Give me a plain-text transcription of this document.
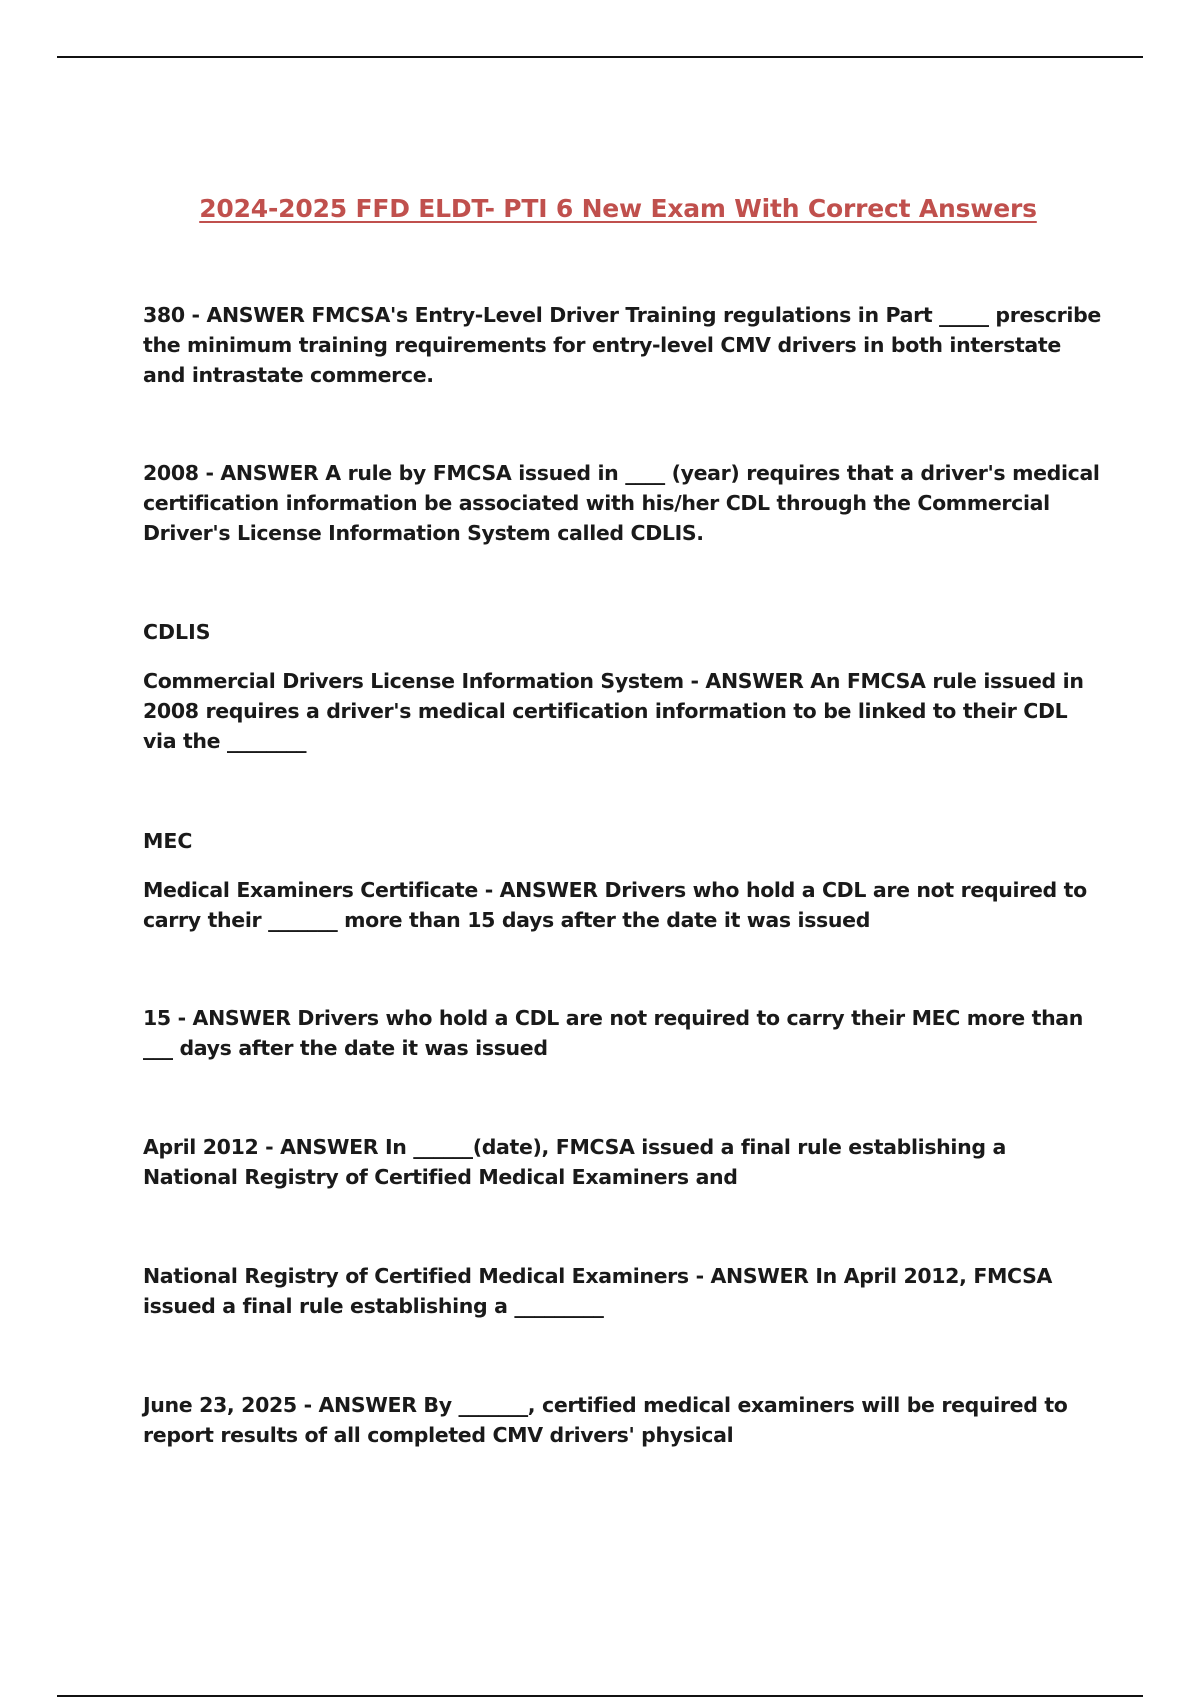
2024-2025 FFD ELDT- PTI 6 New Exam With Correct Answers
380 - ANSWER FMCSA's Entry-Level Driver Training regulations in Part _____ prescribe the minimum training requirements for entry-level CMV drivers in both interstate and intrastate commerce.
2008 - ANSWER A rule by FMCSA issued in ____ (year) requires that a driver's medical certification information be associated with his/her CDL through the Commercial Driver's License Information System called CDLIS.
CDLIS
Commercial Drivers License Information System - ANSWER An FMCSA rule issued in 2008 requires a driver's medical certification information to be linked to their CDL via the ________
MEC
Medical Examiners Certificate - ANSWER Drivers who hold a CDL are not required to carry their _______ more than 15 days after the date it was issued
15 - ANSWER Drivers who hold a CDL are not required to carry their MEC more than ___ days after the date it was issued
April 2012 - ANSWER In ______(date), FMCSA issued a final rule establishing a National Registry of Certified Medical Examiners and
National Registry of Certified Medical Examiners - ANSWER In April 2012, FMCSA issued a final rule establishing a _________
June 23, 2025 - ANSWER By _______, certified medical examiners will be required to report results of all completed CMV drivers' physical
